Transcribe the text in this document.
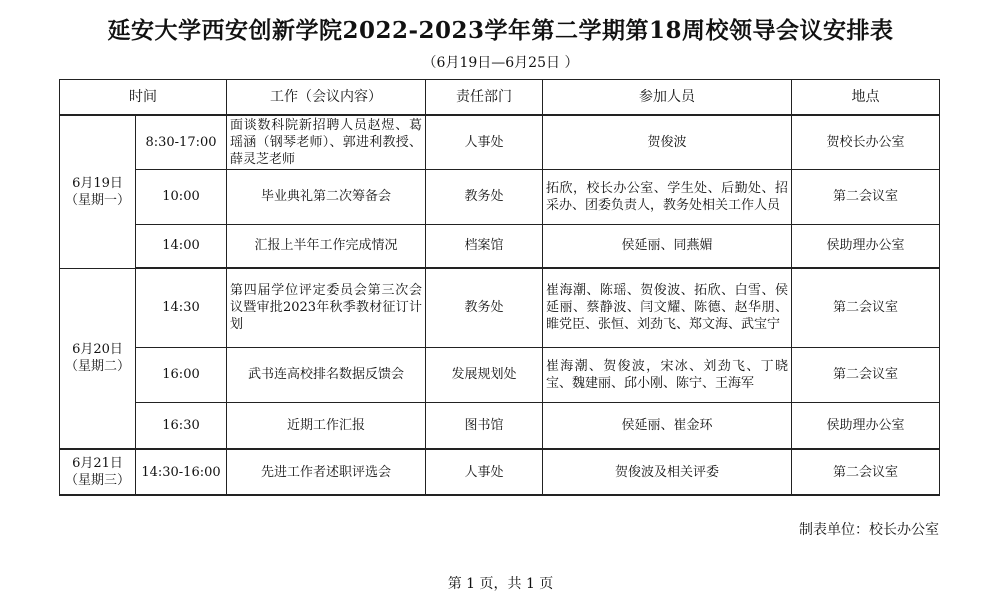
延安大学西安创新学院2022-2023学年第二学期第18周校领导会议安排表
（6月19日—6月25日 ）
时间		工作（会议内容）	责任部门	参加人员	地点

6月19日
（星期一）	8:30-17:00	面谈数科院新招聘人员赵煜、葛瑶涵（钢琴老师）、郭进利教授、薛灵芝老师	人事处	贺俊波	贺校长办公室
	10:00	毕业典礼第二次筹备会	教务处	拓欣，校长办公室、学生处、后勤处、招采办、团委负责人，教务处相关工作人员	第二会议室
	14:00	汇报上半年工作完成情况	档案馆	侯延丽、同燕媚	侯助理办公室

6月20日
（星期二）	14:30	第四届学位评定委员会第三次会议暨审批2023年秋季教材征订计划	教务处	崔海潮、陈瑶、贺俊波、拓欣、白雪、侯延丽、蔡静波、闫文耀、陈德、赵华朋、睢党臣、张恒、刘劲飞、郑文海、武宝宁	第二会议室
	16:00	武书连高校排名数据反馈会	发展规划处	崔海潮、贺俊波，宋冰、刘劲飞、丁晓宝、魏建丽、邱小刚、陈宁、王海军	第二会议室
	16:30	近期工作汇报	图书馆	侯延丽、崔金环	侯助理办公室

6月21日
（星期三）	14:30-16:00	先进工作者述职评选会	人事处	贺俊波及相关评委	第二会议室
制表单位：校长办公室
第 1 页，共 1 页
